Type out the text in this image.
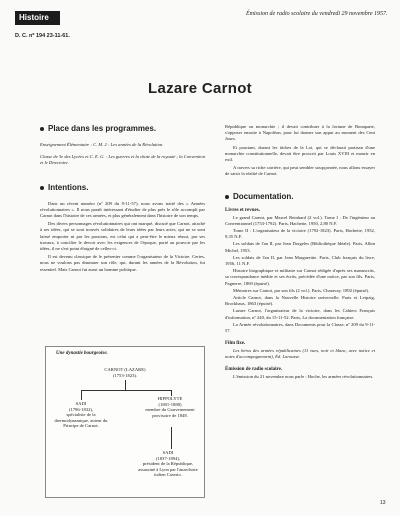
Histoire
D. C. nº 194 23-11-61.
Émission de radio scolaire du vendredi 29 novembre 1957.
Lazare Carnot
Place dans les programmes.
Enseignement Élémentaire : C. M. 2 : Les années de la Révolution.
Classe de 3e des Lycées et C. E. G. : Les guerres et la chute de la royauté ; la Convention et le Directoire.
Intentions.
Dans un récent numéro (nº 209 du 9-11-57), nous avons traité des « Armées révolutionnaires ». Il nous paraît intéressant d'étudier de plus près le rôle accompli par Carnot dans l'histoire de ces armées, et plus généralement dans l'histoire de son temps.
Des divers personnages révolutionnaires qui ont marqué, discuté que Carnot, attaché à ses idées, qui se sont trouvés solidaires de leurs idées par leurs actes, qui ne se sont laissé emporter ni par les passions, est celui qui a peut-être le mieux réussi, par ses travaux, à concilier le devoir avec les exigences de l'époque, porté au pouvoir par les idées, il ne s'est point éloigné de celles-ci.
Il est devenu classique de le présenter comme l'organisateur de la Victoire. Certes, nous ne voulons pas diminuer son rôle, qui, durant les années de la Révolution, fut essentiel. Mais Carnot fut aussi un homme politique.
Une dynastie bourgeoise.
CARNOT (LAZARE)
(1753-1823).
SADI
(1796-1832),
spécialiste de la thermodynamique, auteur du Principe de Carnot.
HIPPOLYTE
(1801-1888)
membre du Gouvernement provisoire de 1848.
SADI
(1837-1894),
président de la République, assassiné à Lyon par l'anarchiste italien Caserio.
République ou monarchie ; il devait contribuer à la fortune de Bonaparte, s'opposer ensuite à Napoléon, pour lui donner son appui au moment des Cent Jours.
Et pourtant, durant les tâches de la Loi, qui se déclarait partisan d'une monarchie constitutionnelle, devait être proscrit par Louis XVIII et mourir en exil.
A travers sa riche carrière, qui peut sembler soupçonnée, nous allons essayer de saisir la réalité de Carnot.
Documentation.
Livres et revues.
Le grand Carnot, par Marcel Reinhard (2 vol.). Tome I : De l'ingénieur au Conventionnel (1753-1792). Paris, Hachette, 1950, 2,80 N.F.
Tome II : L'organisateur de la victoire (1792-1823). Paris, Hachette, 1952, 9,35 N.F.
Les soldats de l'an II, par Jean Dorgeles (Bibliothèque Idéale). Paris, Albin Michel, 1953.
Les soldats de l'an II, par Jean Margueritte. Paris, Club français du livre, 1956, 11 N.F.
Histoire biographique et militaire sur Carnot rédigée d'après ses manuscrits, sa correspondance inédite et ses écrits, précédée d'une notice, par son fils. Paris, Pagnerre, 1869 (épuisé).
Mémoires sur Carnot, par son fils (2 vol.). Paris, Charavay, 1892 (épuisé).
Article Carnot, dans la Nouvelle Histoire universelle. Paris et Leipzig, Brockhaus, 1863 (épuisé).
Lazare Carnot, l'organisateur de la victoire, dans les Cahiers Français d'information, nº 240, du 15-11-52. Paris, La documentation française.
La Armée révolutionnaires, dans Documents pour la Classe, nº 209 du 9-11-57.
Film fixe.
Les héros des armées républicaines (11 vues, noir et blanc, avec notice et notes d'accompagnement), Ed. Larousse.
Émission de radio scolaire.
L'émission du 21 novembre nous parle : Hoche, les armées révolutionnaires.
13
